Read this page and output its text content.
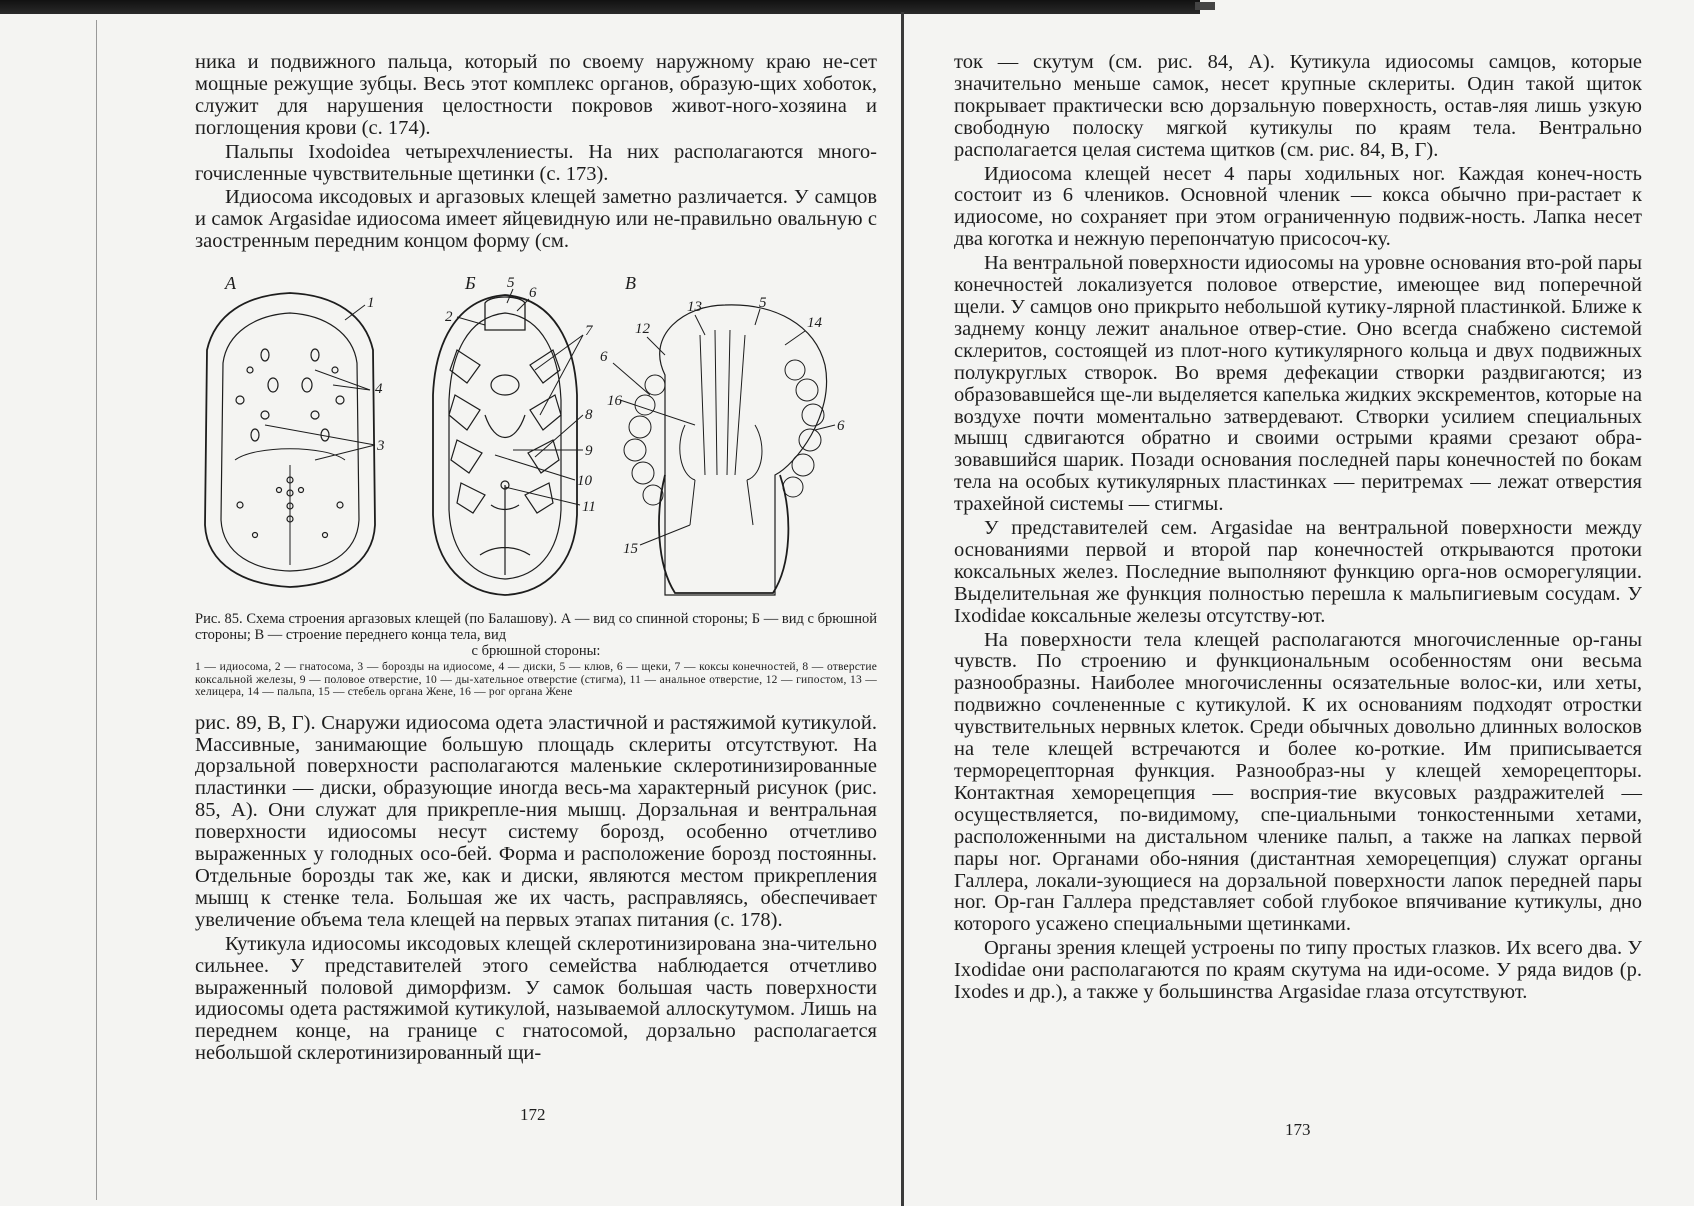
ника и подвижного пальца, который по своему наружному краю не-сет мощные режущие зубцы. Весь этот комплекс органов, образую-щих хоботок, служит для нарушения целостности покровов живот-ного-хозяина и поглощения крови (с. 174).

Пальпы Ixodoidea четырехчлениесты. На них располагаются много-гочисленные чувствительные щетинки (с. 173).

Идиосома иксодовых и аргазовых клещей заметно различается. У самцов и самок Argasidae идиосома имеет яйцевидную или не-правильно овальную с заостренным передним концом форму (см.

А
1
3
4
Б
2
5
6
7
8
9
10
11
В
5
6
6
12
13
14
15
16

Рис. 85. Схема строения аргазовых клещей (по Балашову). А — вид со спинной стороны; Б — вид с брюшной стороны; В — строение переднего конца тела, вид
с брюшной стороны:

1 — идиосома, 2 — гнатосома, 3 — борозды на идиосоме, 4 — диски, 5 — клюв, 6 — щеки, 7 — коксы конечностей, 8 — отверстие коксальной железы, 9 — половое отверстие, 10 — ды-хательное отверстие (стигма), 11 — анальное отверстие, 12 — гипостом, 13 — хелицера, 14 — пальпа, 15 — стебель органа Жене, 16 — рог органа Жене

рис. 89, В, Г). Снаружи идиосома одета эластичной и растяжимой кутикулой. Массивные, занимающие большую площадь склериты отсутствуют. На дорзальной поверхности располагаются маленькие склеротинизированные пластинки — диски, образующие иногда весь-ма характерный рисунок (рис. 85, А). Они служат для прикрепле-ния мышц. Дорзальная и вентральная поверхности идиосомы несут систему борозд, особенно отчетливо выраженных у голодных осо-бей. Форма и расположение борозд постоянны. Отдельные борозды так же, как и диски, являются местом прикрепления мышц к стенке тела. Большая же их часть, расправляясь, обеспечивает увеличение объема тела клещей на первых этапах питания (с. 178).

Кутикула идиосомы иксодовых клещей склеротинизирована зна-чительно сильнее. У представителей этого семейства наблюдается отчетливо выраженный половой диморфизм. У самок большая часть поверхности идиосомы одета растяжимой кутикулой, называемой аллоскутумом. Лишь на переднем конце, на границе с гнатосомой, дорзально располагается небольшой склеротинизированный щи-

172

ток — скутум (см. рис. 84, А). Кутикула идиосомы самцов, которые значительно меньше самок, несет крупные склериты. Один такой щиток покрывает практически всю дорзальную поверхность, остав-ляя лишь узкую свободную полоску мягкой кутикулы по краям тела. Вентрально располагается целая система щитков (см. рис. 84, В, Г).

Идиосома клещей несет 4 пары ходильных ног. Каждая конеч-ность состоит из 6 члеников. Основной членик — кокса обычно при-растает к идиосоме, но сохраняет при этом ограниченную подвиж-ность. Лапка несет два коготка и нежную перепончатую присосоч-ку.

На вентральной поверхности идиосомы на уровне основания вто-рой пары конечностей локализуется половое отверстие, имеющее вид поперечной щели. У самцов оно прикрыто небольшой кутику-лярной пластинкой. Ближе к заднему концу лежит анальное отвер-стие. Оно всегда снабжено системой склеритов, состоящей из плот-ного кутикулярного кольца и двух подвижных полукруглых створок. Во время дефекации створки раздвигаются; из образовавшейся ще-ли выделяется капелька жидких экскрементов, которые на воздухе почти моментально затвердевают. Створки усилием специальных мышц сдвигаются обратно и своими острыми краями срезают обра-зовавшийся шарик. Позади основания последней пары конечностей по бокам тела на особых кутикулярных пластинках — перитремах — лежат отверстия трахейной системы — стигмы.

У представителей сем. Argasidae на вентральной поверхности между основаниями первой и второй пар конечностей открываются протоки коксальных желез. Последние выполняют функцию орга-нов осморегуляции. Выделительная же функция полностью перешла к мальпигиевым сосудам. У Ixodidae коксальные железы отсутству-ют.

На поверхности тела клещей располагаются многочисленные ор-ганы чувств. По строению и функциональным особенностям они весьма разнообразны. Наиболее многочисленны осязательные волос-ки, или хеты, подвижно сочлененные с кутикулой. К их основаниям подходят отростки чувствительных нервных клеток. Среди обычных довольно длинных волосков на теле клещей встречаются и более ко-роткие. Им приписывается терморецепторная функция. Разнообраз-ны у клещей хеморецепторы. Контактная хеморецепция — восприя-тие вкусовых раздражителей — осуществляется, по-видимому, спе-циальными тонкостенными хетами, расположенными на дистальном членике пальп, а также на лапках первой пары ног. Органами обо-няния (дистантная хеморецепция) служат органы Галлера, локали-зующиеся на дорзальной поверхности лапок передней пары ног. Ор-ган Галлера представляет собой глубокое впячивание кутикулы, дно которого усажено специальными щетинками.

Органы зрения клещей устроены по типу простых глазков. Их всего два. У Ixodidae они располагаются по краям скутума на иди-осоме. У ряда видов (р. Ixodes и др.), а также у большинства Argasidae глаза отсутствуют.

173
